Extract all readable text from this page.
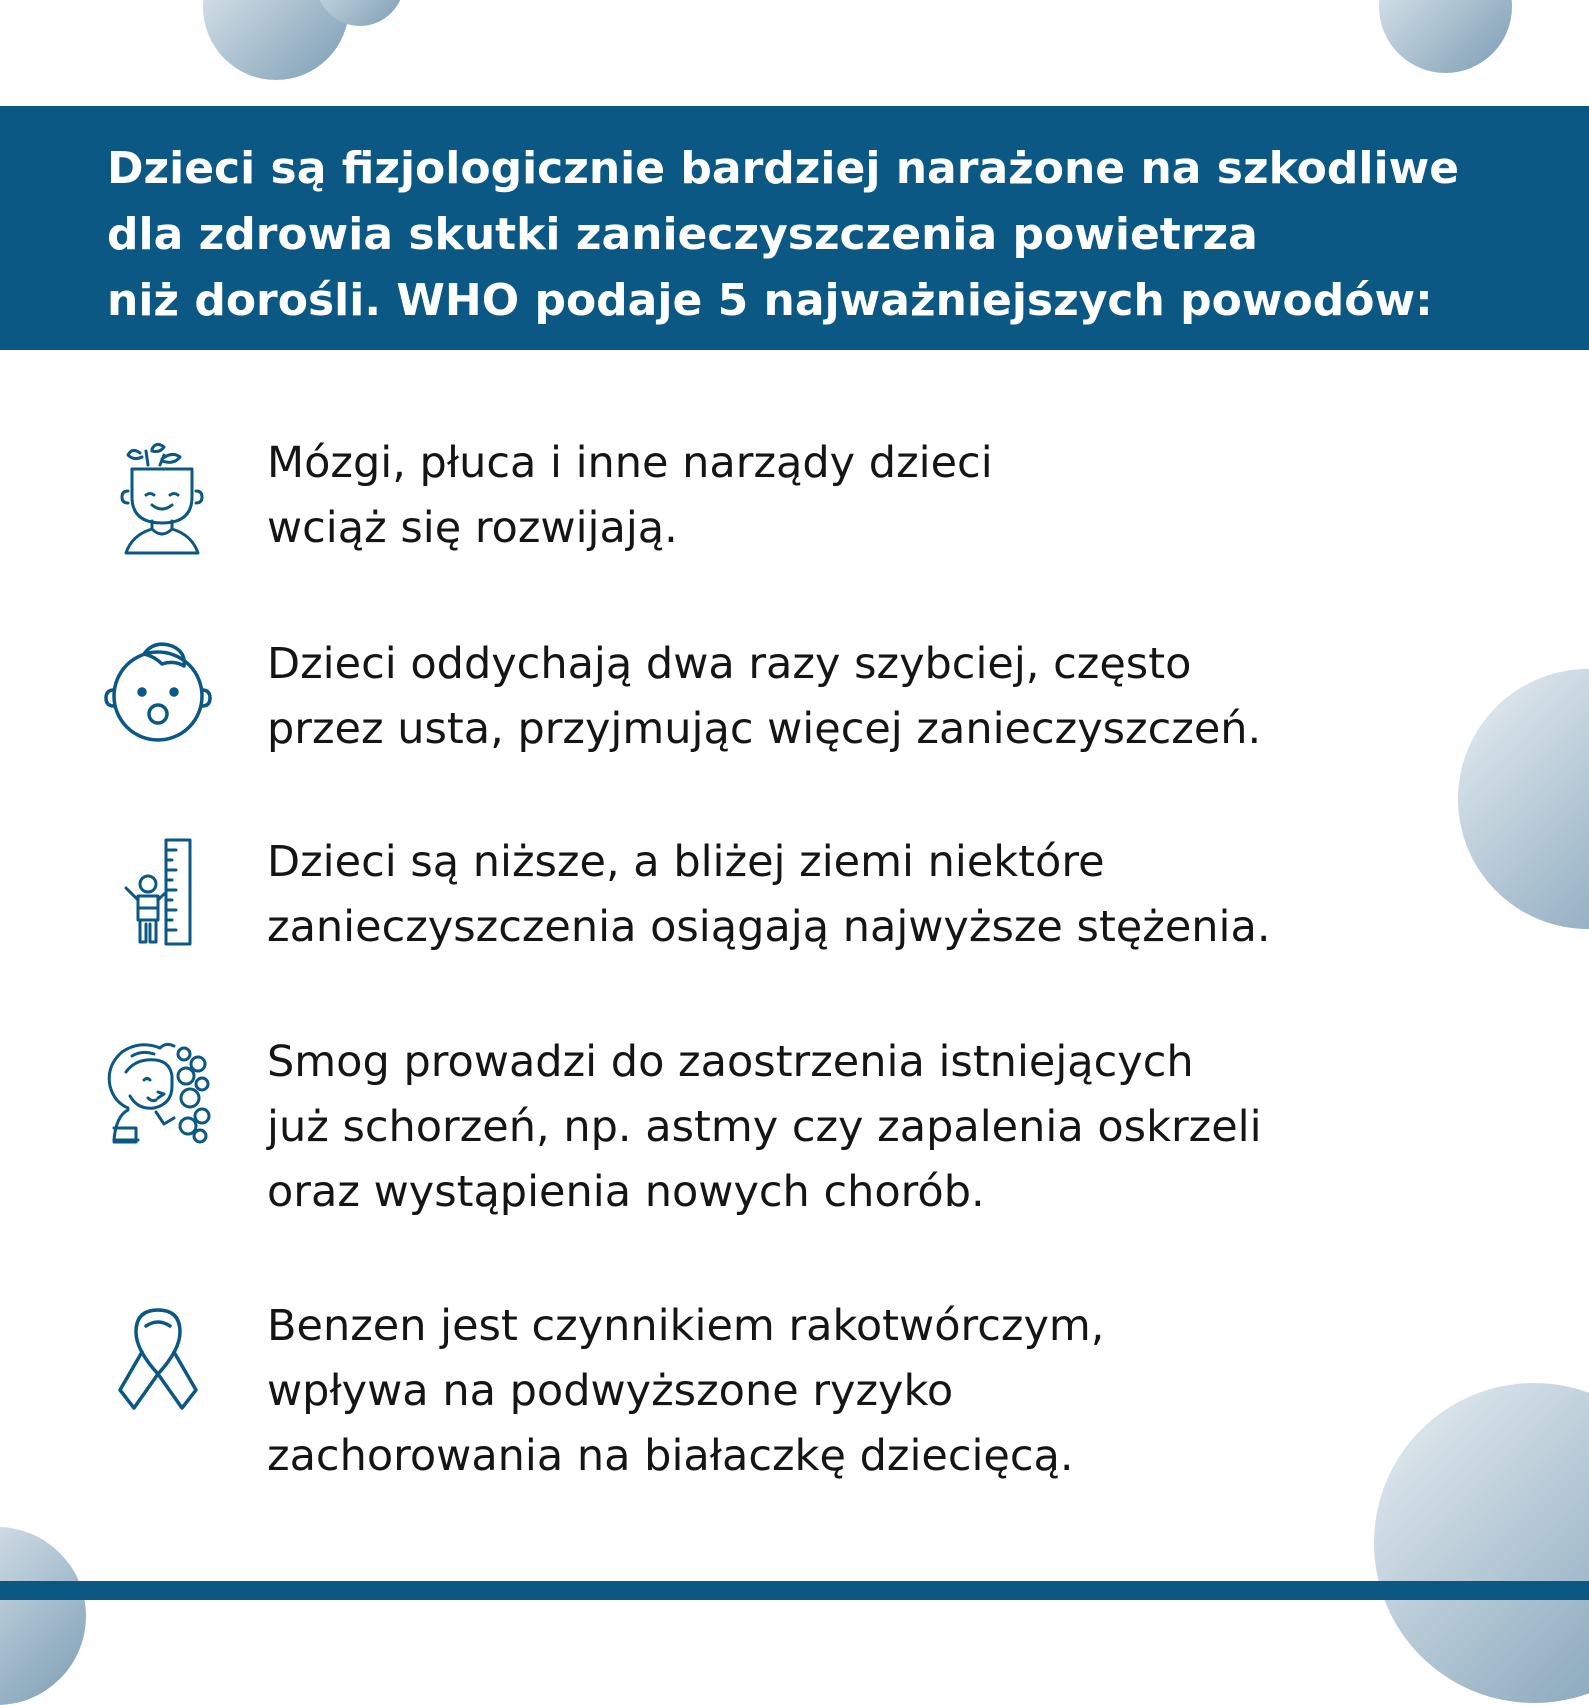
Dzieci są fizjologicznie bardziej narażone na szkodliwe
dla zdrowia skutki zanieczyszczenia powietrza
niż dorośli. WHO podaje 5 najważniejszych powodów:

Mózgi, płuca i inne narządy dzieci
wciąż się rozwijają.

Dzieci oddychają dwa razy szybciej, często
przez usta, przyjmując więcej zanieczyszczeń.

Dzieci są niższe, a bliżej ziemi niektóre
zanieczyszczenia osiągają najwyższe stężenia.

Smog prowadzi do zaostrzenia istniejących
już schorzeń, np. astmy czy zapalenia oskrzeli
oraz wystąpienia nowych chorób.

Benzen jest czynnikiem rakotwórczym,
wpływa na podwyższone ryzyko
zachorowania na białaczkę dziecięcą.
